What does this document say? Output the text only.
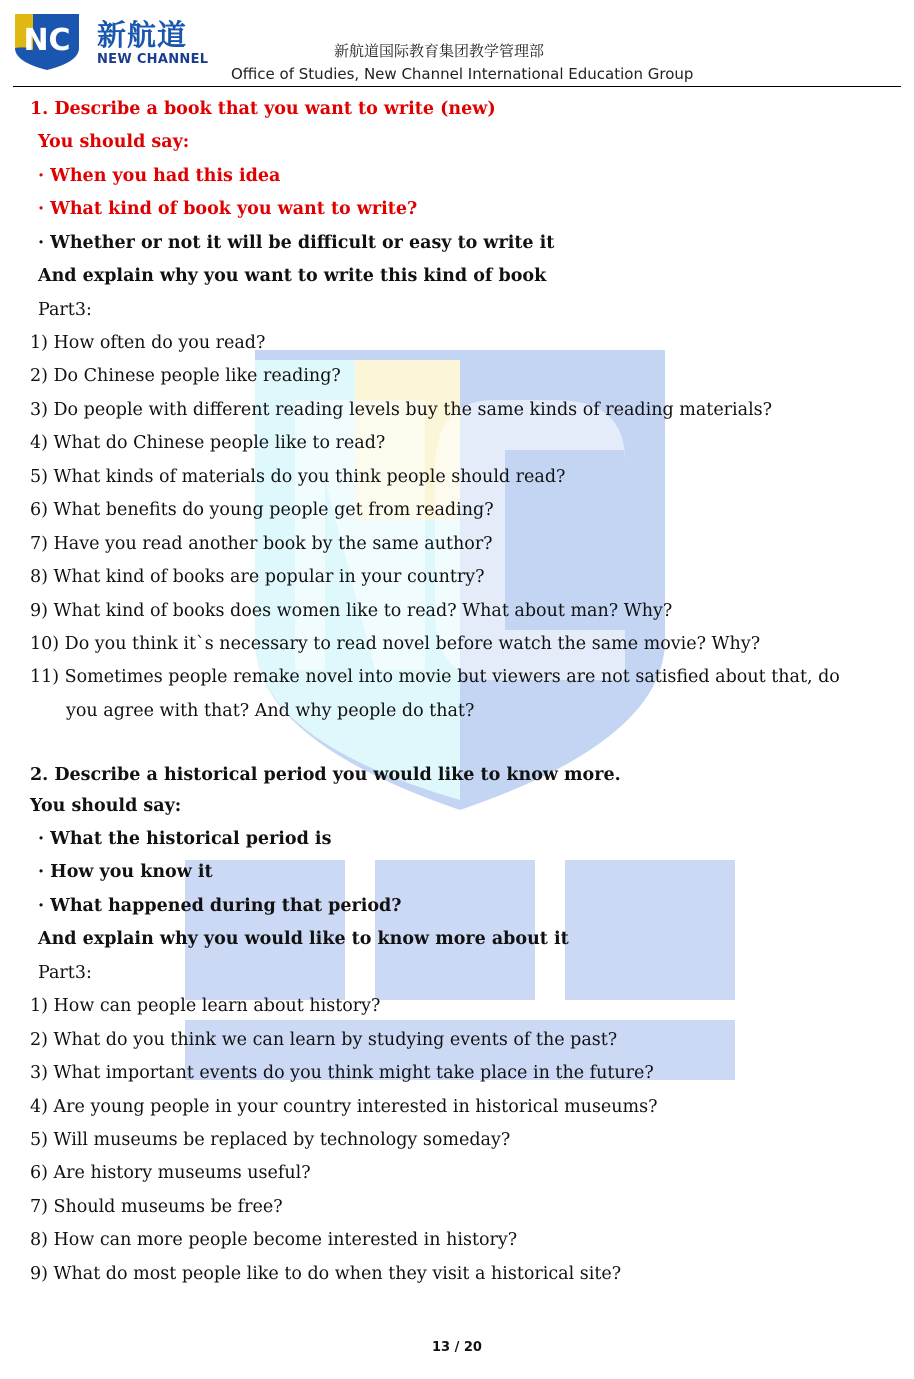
NC 新航道
NEW CHANNEL	新航道国际教育集团教学管理部
Office of Studies, New Channel International Education Group
1. Describe a book that you want to write (new)
You should say:
· When you had this idea
· What kind of book you want to write?
· Whether or not it will be difficult or easy to write it
And explain why you want to write this kind of book
Part3:
1) How often do you read?
2) Do Chinese people like reading?
3) Do people with different reading levels buy the same kinds of reading materials?
4) What do Chinese people like to read?
5) What kinds of materials do you think people should read?
6) What benefits do young people get from reading?
7) Have you read another book by the same author?
8) What kind of books are popular in your country?
9) What kind of books does women like to read? What about man? Why?
10) Do you think it`s necessary to read novel before watch the same movie? Why?
11) Sometimes people remake novel into movie but viewers are not satisfied about that, do
you agree with that? And why people do that?
2. Describe a historical period you would like to know more.
You should say:
· What the historical period is
· How you know it
· What happened during that period?
And explain why you would like to know more about it
Part3:
1) How can people learn about history?
2) What do you think we can learn by studying events of the past?
3) What important events do you think might take place in the future?
4) Are young people in your country interested in historical museums?
5) Will museums be replaced by technology someday?
6) Are history museums useful?
7) Should museums be free?
8) How can more people become interested in history?
9) What do most people like to do when they visit a historical site?
13 / 20
